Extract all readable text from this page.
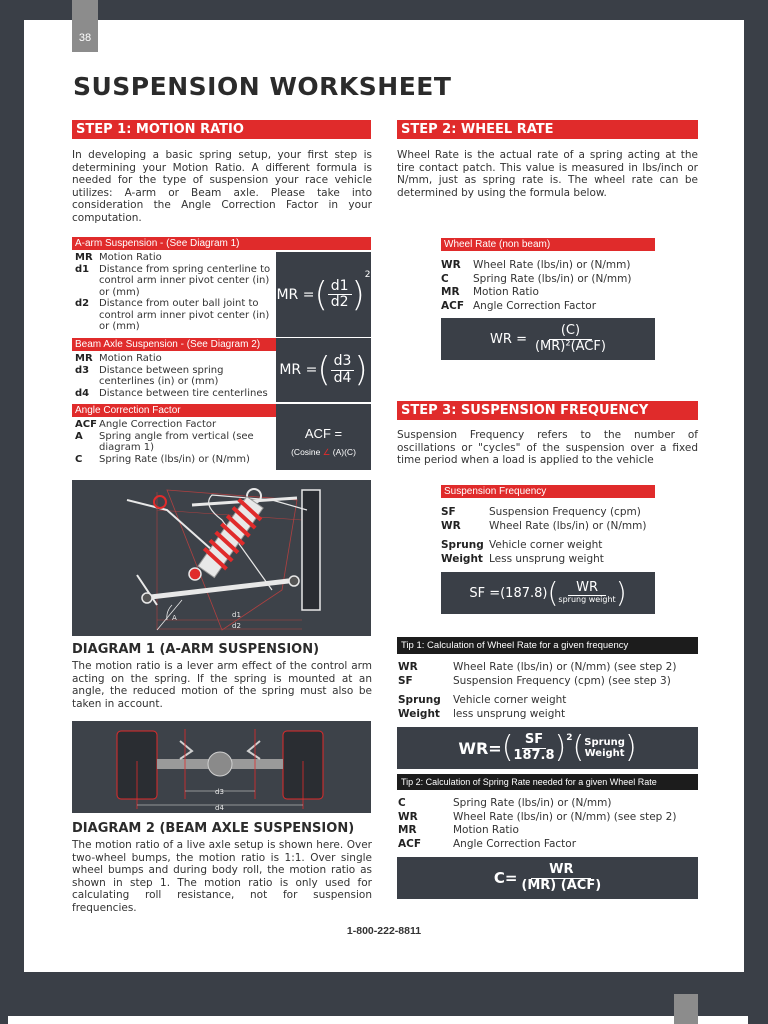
38
SUSPENSION WORKSHEET
STEP 1: MOTION RATIO
In developing a basic spring setup, your first step is determining your Motion Ratio. A different formula is needed for the type of suspension your race vehicle utilizes: A-arm or Beam axle. Please take into consideration the Angle Correction Factor in your computation.
A-arm Suspension - (See Diagram 1)
MR Motion Ratio
d1 Distance from spring centerline to control arm inner pivot center (in) or (mm)
d2 Distance from outer ball joint to control arm inner pivot center (in) or (mm)
MR = ( $\frac{d1}{d2} )^2$
Beam Axle Suspension - (See Diagram 2)
MR Motion Ratio
d3 Distance between spring centerlines (in) or (mm)
d4 Distance between tire centerlines
MR = ( $\frac{d3}{d4}$ )
Angle Correction Factor
ACF Angle Correction Factor
A	Spring angle from vertical (see diagram 1)
C	Spring Rate (lbs/in) or (N/mm)
ACF =
(Cosine ∠ (A)(C)
A	d1
d2
DIAGRAM 1 (A-ARM SUSPENSION)
The motion ratio is a lever arm effect of the control arm acting on the spring. If the spring is mounted at an angle, the reduced motion of the spring must also be taken in account.
d3
d4
DIAGRAM 2 (BEAM AXLE SUSPENSION)
The motion ratio of a live axle setup is shown here. Over two-wheel bumps, the motion ratio is 1:1. Over single wheel bumps and during body roll, the motion ratio as shown in step 1. The motion ratio is only used for calculating roll resistance, not for suspension frequencies.
STEP 2: WHEEL RATE
Wheel Rate is the actual rate of a spring acting at the tire contact patch. This value is measured in lbs/inch or N/mm, just as spring rate is. The wheel rate can be determined by using the formula below.
Wheel Rate (non beam)
WR	Wheel Rate (lbs/in) or (N/mm)
C	Spring Rate (lbs/in) or (N/mm)
MR	Motion Ratio
ACF Angle Correction Factor
WR = $\frac{(C)}{\text{(MR)²(ACF)}}$
STEP 3: SUSPENSION FREQUENCY
Suspension Frequency refers to the number of oscillations or "cycles" of the suspension over a fixed time period when a load is applied to the vehicle
Suspension Frequency
SF	Suspension Frequency (cpm)
WR	Wheel Rate (lbs/in) or (N/mm)
Sprung Vehicle corner weight
Weight Less unsprung weight
SF =(187.8) ( $\frac{WR}{\text{sprung weight}}$ )
Tip 1: Calculation of Wheel Rate for a given frequency
WR	Wheel Rate (lbs/in) or (N/mm) (see step 2)
SF	Suspension Frequency (cpm) (see step 3)
Sprung	Vehicle corner weight
Weight	less unsprung weight
WR= ( $\frac{SF}{187.8} )^2$ ( Sprung
Weight )
Tip 2: Calculation of Spring Rate needed for a given Wheel Rate
C	Spring Rate (lbs/in) or (N/mm)
WR	Wheel Rate (lbs/in) or (N/mm) (see step 2)
MR	Motion Ratio
ACF	Angle Correction Factor
$C= \frac{WR}{\text{(MR) (ACF)}}$
1-800-222-8811
